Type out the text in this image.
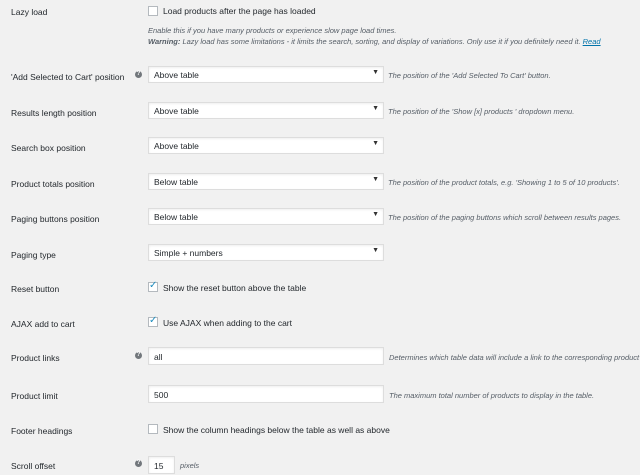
Lazy load	Load products after the page has loaded
Enable this if you have many products or experience slow page load times.
Warning: Lazy load has some limitations - it limits the search, sorting, and display of variations. Only use it if you definitely need it. Read
'Add Selected to Cart' position ? Above table	▼ The position of the 'Add Selected To Cart' button.
Results length position	Above table	▼ The position of the 'Show [x] products ' dropdown menu.
Search box position	Above table	▼
Product totals position	Below table	▼ The position of the product totals, e.g. 'Showing 1 to 5 of 10 products'.
Paging buttons position	Below table	▼ The position of the paging buttons which scroll between results pages.
Paging type	Simple + numbers	▼
Reset button	✓ Show the reset button above the table
AJAX add to cart	✓ Use AJAX when adding to the cart
Product links	? all	Determines which table data will include a link to the corresponding product
Product limit	500	The maximum total number of products to display in the table.
Footer headings	Show the column headings below the table as well as above
Scroll offset	? 15 pixels
